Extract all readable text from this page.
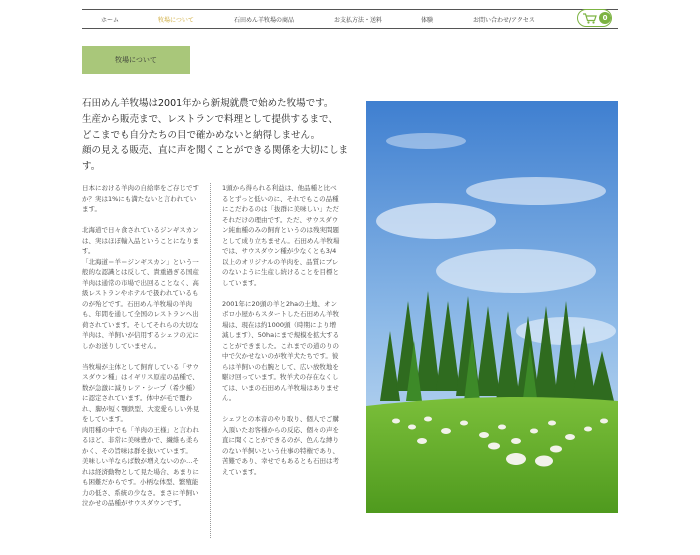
ホーム	牧場について	石田めん羊牧場の商品	お支払方法・送料	体験	お問い合わせ/アクセス	0
牧場について

石田めん羊牧場は2001年から新規就農で始めた牧場です。

生産から販売まで、レストランで料理として提供するまで、

どこまでも自分たちの目で確かめないと納得しません。

顔の見える販売、直に声を聞くことができる関係を大切にします。

日本における羊肉の自給率をご存じですか？実は1%にも満たないと言われています。

北海道で日々食されているジンギスカンは、実はほぼ輸入品ということになります。

「北海道＝羊＝ジンギスカン」という一般的な認識とは反して、貴重過ぎる国産羊肉は通常の市場で出回ることなく、高級レストランやホテルで扱われているものが殆どです。石田めん羊牧場の羊肉も、年間を通して全国のレストランへ出荷されています。そしてそれらの大切な羊肉は、羊飼いが信用するシェフの元にしかお送りしていません。

当牧場が主体として飼育している「サウスダウン種」はイギリス原産の品種で、数が急激に減りレア・シープ（希少種）に認定されています。体中が毛で覆われ、脚が短く顎鉄型、大変愛らしい外見をしています。

肉用種の中でも「羊肉の王様」と言われるほど、非常に美味豊かで、繊維も柔らかく、その旨味は群を抜いています。

美味しい羊ならば数が増えないのか…それは経済動物として見た場合、あまりにも困難だからです。小柄な体型、繁殖能力の低さ、系統の少なさ。まさに羊飼い泣かせの品種がサウスダウンです。

1頭から得られる利益は、他品種と比べるとずっと低いのに、それでもこの品種にこだわるのは「抜群に美味しい」ただそれだけの理由です。ただ、サウスダウン純血種のみの飼育というのは残実問題として成り立ちません。石田めん羊牧場では、サウスダウン種が少なくとも3/4以上のオリジナルの羊肉を、品質にブレのないように生産し続けることを目標としています。

2001年に20頭の羊と2haの土地、オンボロ小屋からスタートした石田めん羊牧場は、現在は約1000頭（時期により増減します）、50haにまで規模を拡大することができました。これまでの道のりの中で欠かせないのが牧羊犬たちです。彼らは羊飼いの右腕として、広い放牧地を駆け回っています。牧羊犬の存在なくしては、いまの石田めん羊牧場はありません。

シェフとの本音のやり取り、個人でご購入頂いたお客様からの反応、個々の声を直に聞くことができるのが、色んな縛りのない羊飼いという仕事の特権であり、苦難であり、幸せでもあるとも石田は考えています。
